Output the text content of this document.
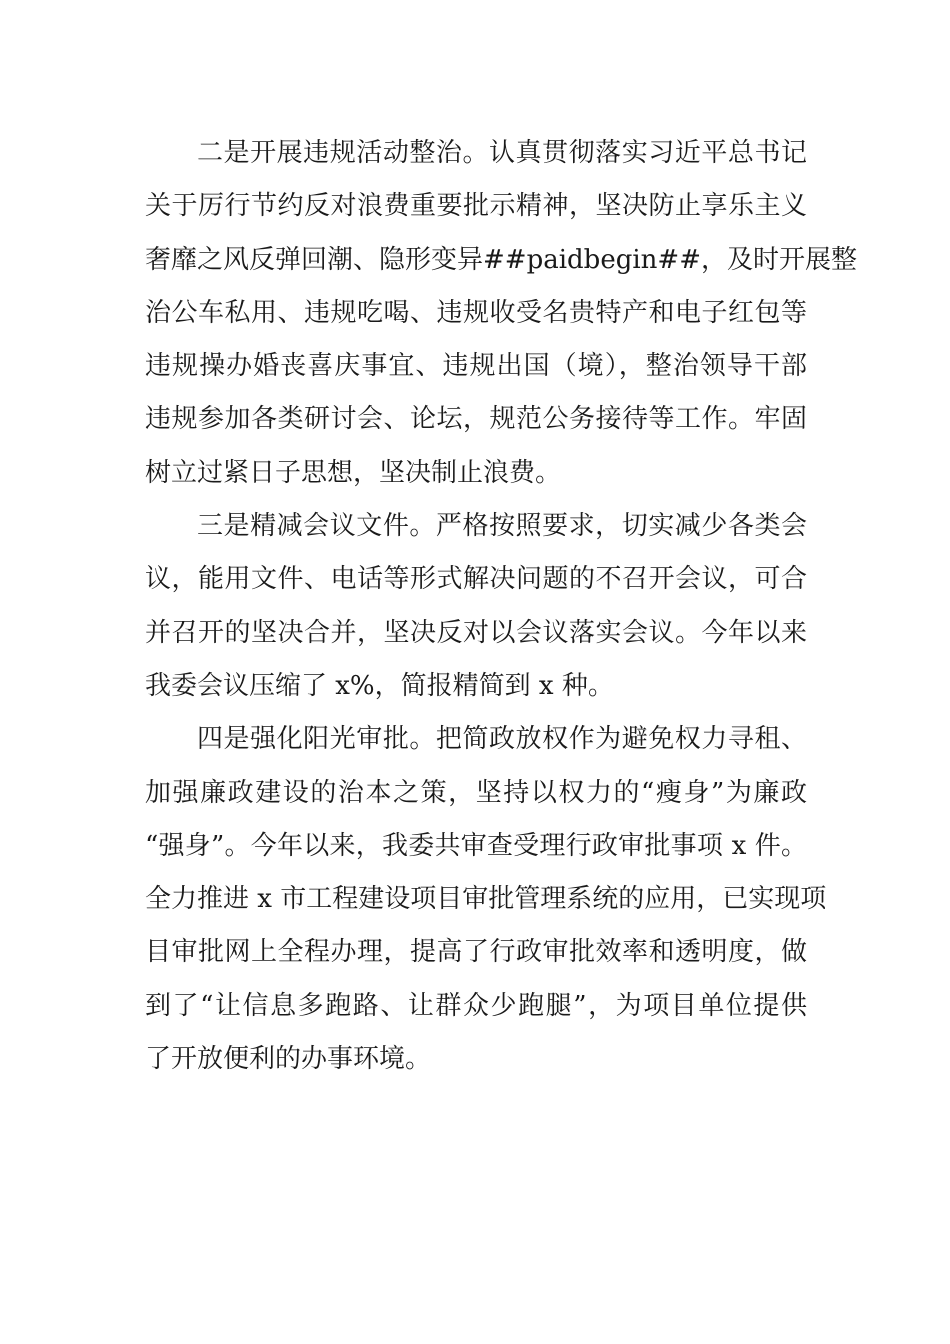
二是开展违规活动整治。认真贯彻落实习近平总书记
关于厉行节约反对浪费重要批示精神，坚决防止享乐主义
奢靡之风反弹回潮、隐形变异##paidbegin##，及时开展整
治公车私用、违规吃喝、违规收受名贵特产和电子红包等
违规操办婚丧喜庆事宜、违规出国（境），整治领导干部
违规参加各类研讨会、论坛，规范公务接待等工作。牢固
树立过紧日子思想，坚决制止浪费。
三是精减会议文件。严格按照要求，切实减少各类会
议，能用文件、电话等形式解决问题的不召开会议，可合
并召开的坚决合并，坚决反对以会议落实会议。今年以来
我委会议压缩了 x%，简报精简到 x 种。
四是强化阳光审批。把简政放权作为避免权力寻租、
加强廉政建设的治本之策，坚持以权力的“瘦身”为廉政
“强身”。今年以来，我委共审查受理行政审批事项 x 件。
全力推进 x 市工程建设项目审批管理系统的应用，已实现项
目审批网上全程办理，提高了行政审批效率和透明度，做
到了“让信息多跑路、让群众少跑腿”，为项目单位提供
了开放便利的办事环境。
